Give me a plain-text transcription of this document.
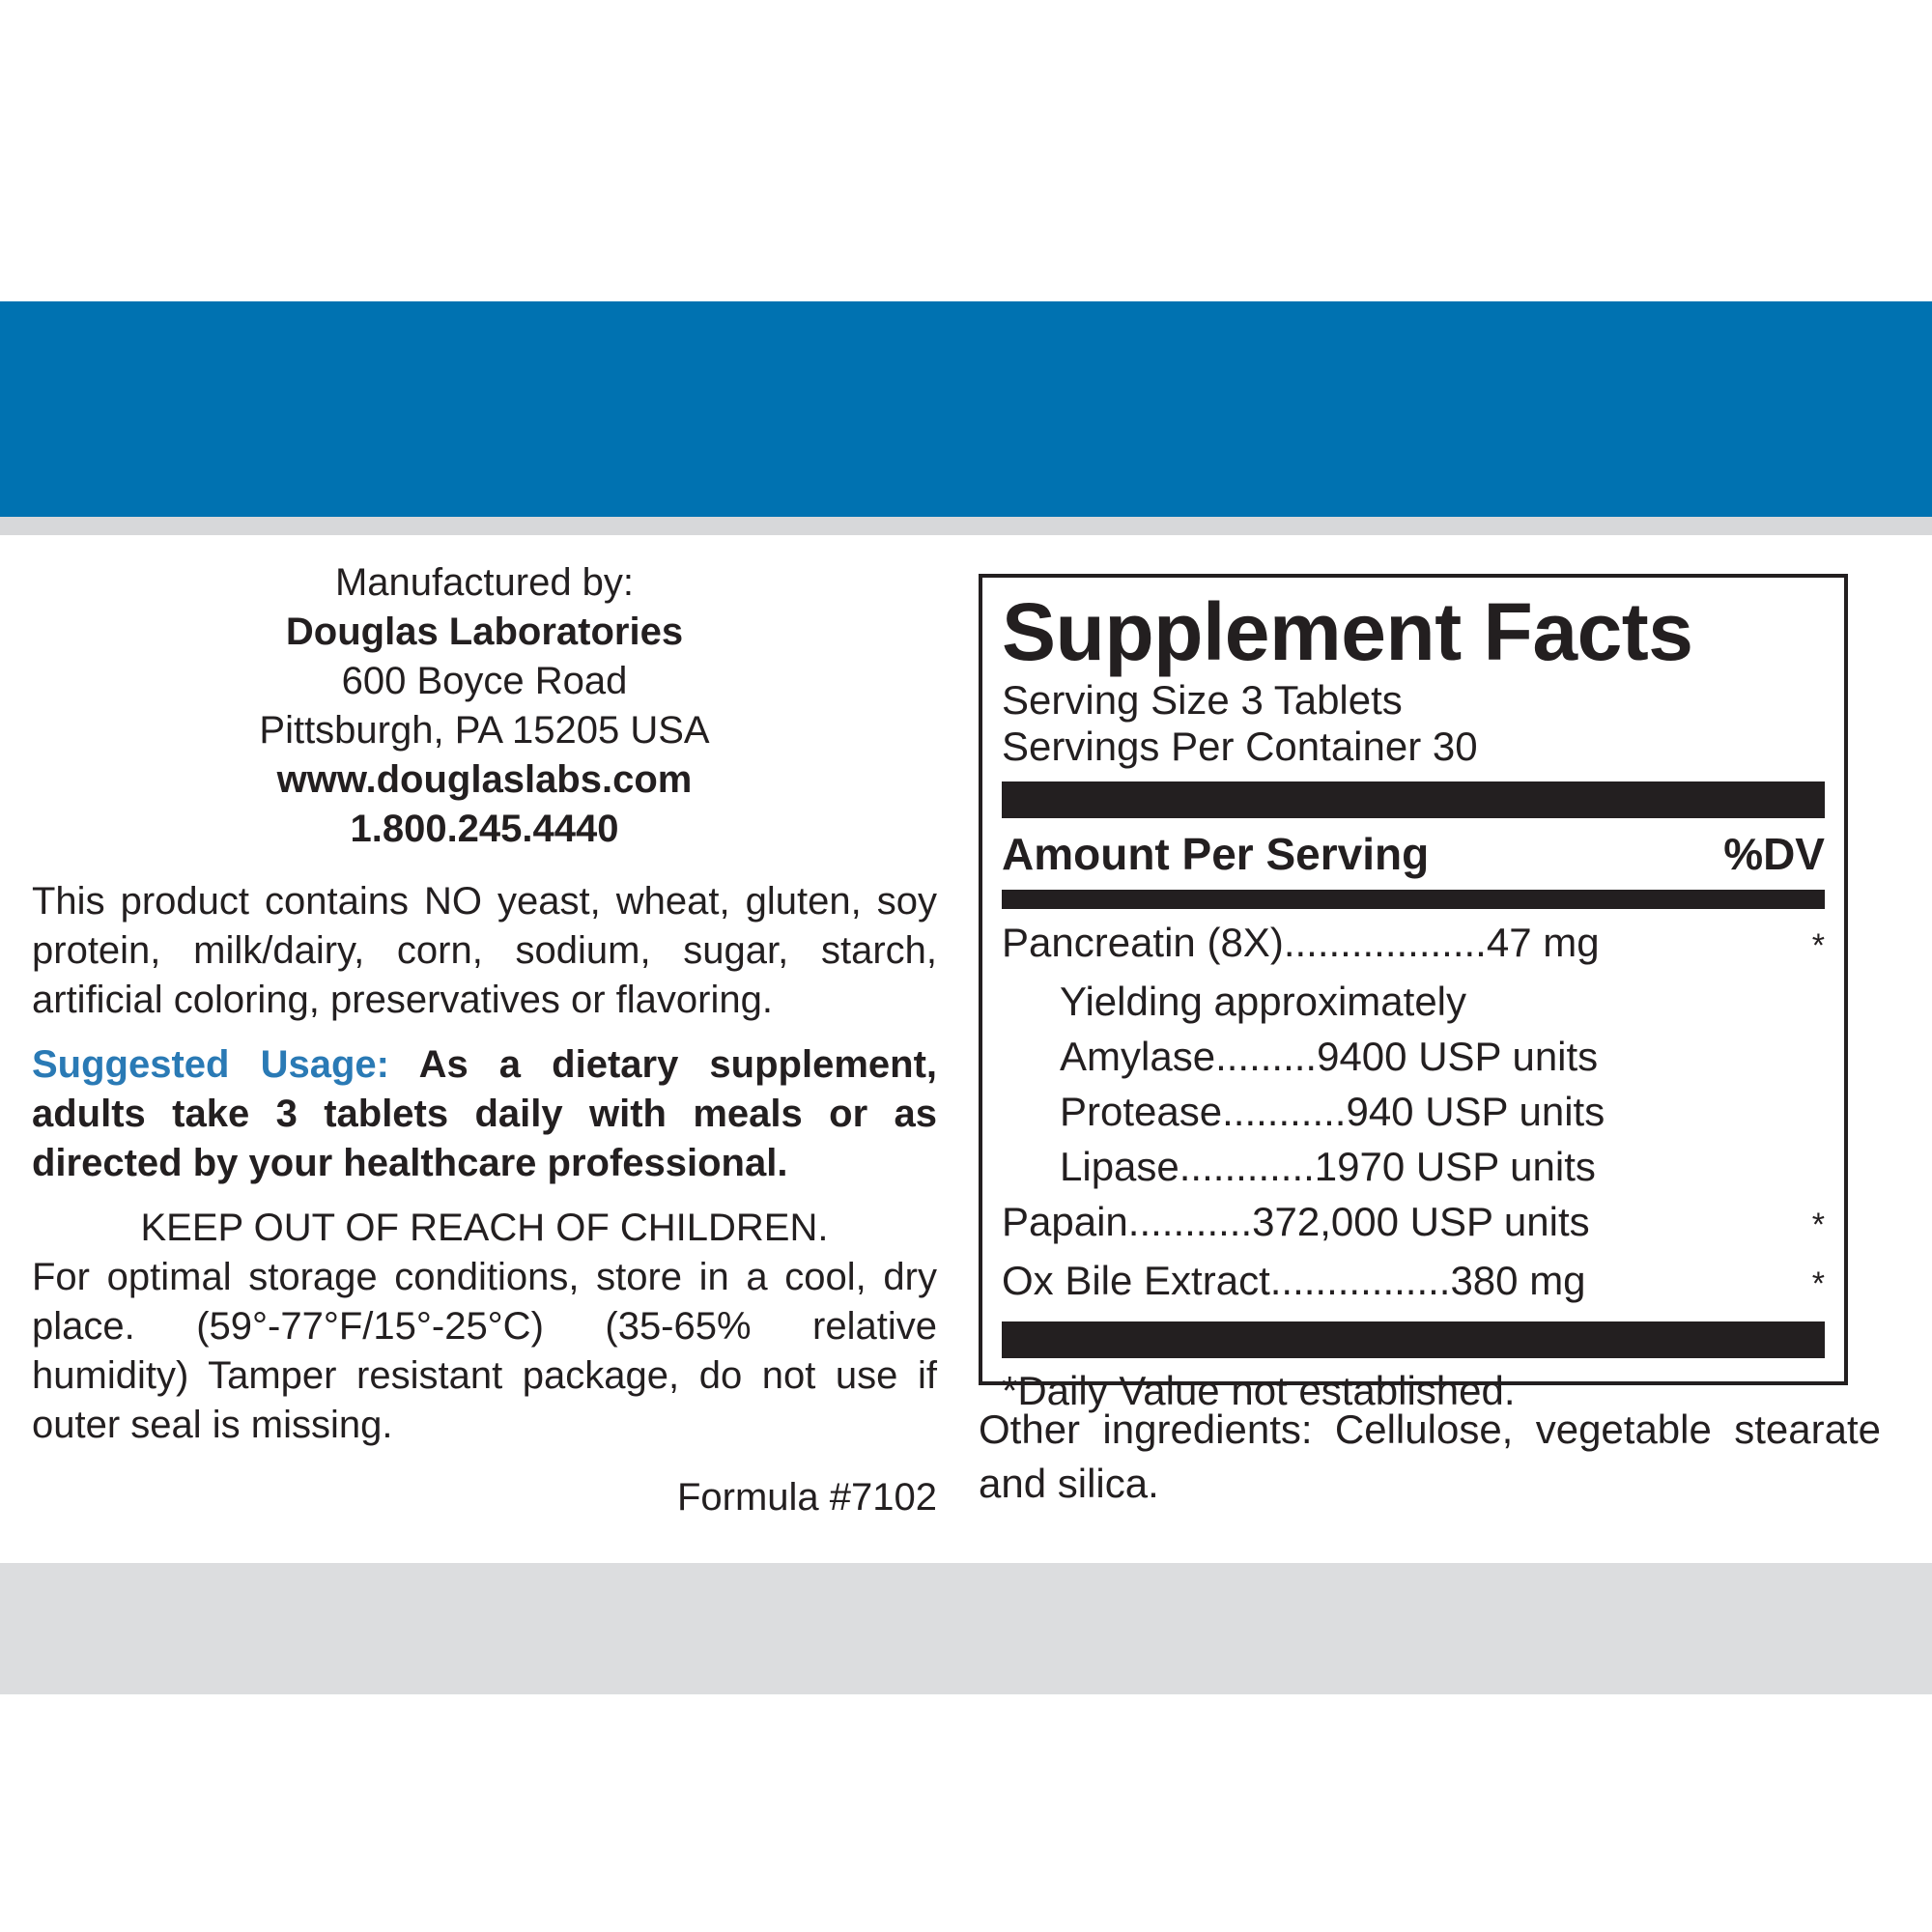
Manufactured by:
Douglas Laboratories
600 Boyce Road
Pittsburgh, PA 15205 USA
www.douglaslabs.com
1.800.245.4440
This product contains NO yeast, wheat, gluten, soy protein, milk/dairy, corn, sodium, sugar, starch, artificial coloring, preservatives or flavoring.
Suggested Usage: As a dietary supplement, adults take 3 tablets daily with meals or as directed by your healthcare professional.
KEEP OUT OF REACH OF CHILDREN.
For optimal storage conditions, store in a cool, dry place. (59°-77°F/15°-25°C) (35-65% relative humidity) Tamper resistant package, do not use if outer seal is missing.
Formula #7102
Supplement Facts
Serving Size 3 Tablets
Servings Per Container 30
Amount Per Serving	%DV
Pancreatin (8X) .................. 47 mg	*
Yielding approximately
Amylase ......... 9400 USP units
Protease ........... 940 USP units
Lipase ............ 1970 USP units
Papain ........... 372,000 USP units	*
Ox Bile Extract ................ 380 mg	*
*Daily Value not established.
Other ingredients: Cellulose, vegetable stearate and silica.
